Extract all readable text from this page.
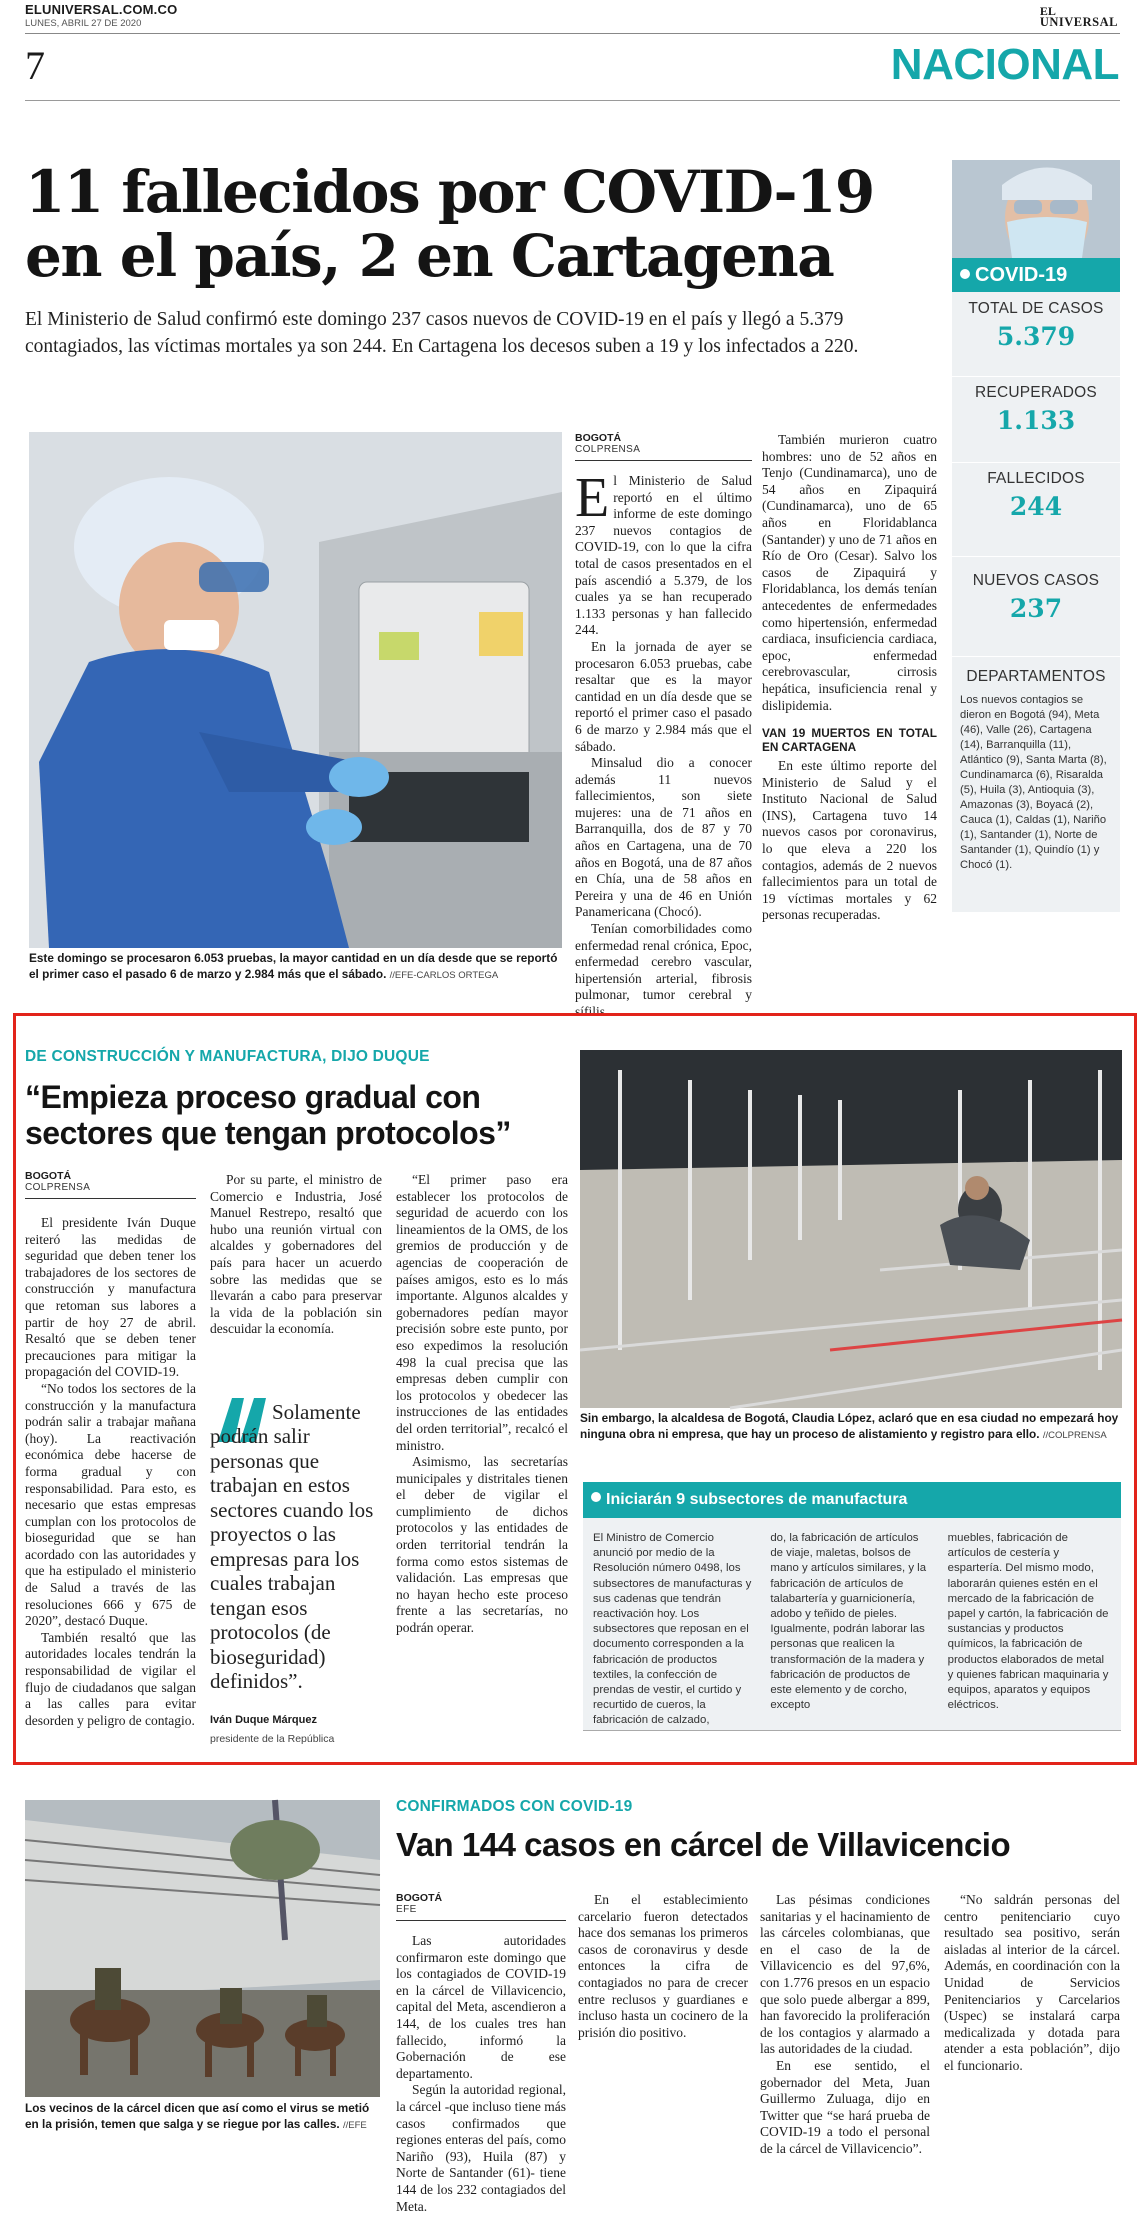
ELUNIVERSAL.COM.CO
LUNES, ABRIL 27 DE 2020
EL
UNIVERSAL
7	NACIONAL
11 fallecidos por COVID-19
en el país, 2 en Cartagena

El Ministerio de Salud confirmó este domingo 237 casos nuevos de COVID-19 en el país y llegó a 5.379 contagiados, las víctimas mortales ya son 244. En Cartagena los decesos suben a 19 y los infectados a 220.

Este domingo se procesaron 6.053 pruebas, la mayor cantidad en un día desde que se reportó el primer caso el pasado 6 de marzo y 2.984 más que el sábado. //EFE-CARLOS ORTEGA

BOGOTÁ
COLPRENSA

El Ministerio de Salud reportó en el último informe de este domingo 237 nuevos contagios de COVID-19, con lo que la cifra total de casos presentados en el país ascendió a 5.379, de los cuales ya se han recuperado 1.133 personas y han fallecido 244.

En la jornada de ayer se procesaron 6.053 pruebas, cabe resaltar que es la mayor cantidad en un día desde que se reportó el primer caso el pasado 6 de marzo y 2.984 más que el sábado.

Minsalud dio a conocer además 11 nuevos fallecimientos, son siete mujeres: una de 71 años en Barranquilla, dos de 87 y 70 años en Cartagena, una de 70 años en Bogotá, una de 87 años en Chía, una de 58 años en Pereira y una de 46 en Unión Panamericana (Chocó).

Tenían comorbilidades como enfermedad renal crónica, Epoc, enfermedad cerebro vascular, hipertensión arterial, fibrosis pulmonar, tumor cerebral y sífilis.

También murieron cuatro hombres: uno de 52 años en Tenjo (Cundinamarca), uno de 54 años en Zipaquirá (Cundinamarca), uno de 65 años en Floridablanca (Santander) y uno de 71 años en Río de Oro (Cesar). Salvo los casos de Zipaquirá y Floridablanca, los demás tenían antecedentes de enfermedades como hipertensión, enfermedad cardiaca, insuficiencia cardiaca, epoc, enfermedad cerebrovascular, cirrosis hepática, insuficiencia renal y dislipidemia.

VAN 19 MUERTOS EN TOTAL EN CARTAGENA

En este último reporte del Ministerio de Salud y el Instituto Nacional de Salud (INS), Cartagena tuvo 14 nuevos casos por coronavirus, lo que eleva a 220 los contagios, además de 2 nuevos fallecimientos para un total de 19 víctimas mortales y 62 personas recuperadas.

COVID-19
TOTAL DE CASOS
5.379
RECUPERADOS
1.133
FALLECIDOS
244
NUEVOS CASOS
237
DEPARTAMENTOS
Los nuevos contagios se dieron en Bogotá (94), Meta (46), Valle (26), Cartagena (14), Barranquilla (11), Atlántico (9), Santa Marta (8), Cundinamarca (6), Risaralda (5), Huila (3), Antioquia (3), Amazonas (3), Boyacá (2), Cauca (1), Caldas (1), Nariño (1), Santander (1), Norte de Santander (1), Quindío (1) y Chocó (1).
DE CONSTRUCCIÓN Y MANUFACTURA, DIJO DUQUE
“Empieza proceso gradual con
sectores que tengan protocolos”
BOGOTÁ
COLPRENSA

El presidente Iván Duque reiteró las medidas de seguridad que deben tener los trabajadores de los sectores de construcción y manufactura que retoman sus labores a partir de hoy 27 de abril. Resaltó que se deben tener precauciones para mitigar la propagación del COVID-19.

“No todos los sectores de la construcción y la manufactura podrán salir a trabajar mañana (hoy). La reactivación económica debe hacerse de forma gradual y con responsabilidad. Para esto, es necesario que estas empresas cumplan con los protocolos de bioseguridad que se han acordado con las autoridades y que ha estipulado el ministerio de Salud a través de las resoluciones 666 y 675 de 2020”, destacó Duque.

También resaltó que las autoridades locales tendrán la responsabilidad de vigilar el flujo de ciudadanos que salgan a las calles para evitar desorden y peligro de contagio.

Por su parte, el ministro de Comercio e Industria, José Manuel Restrepo, resaltó que hubo una reunión virtual con alcaldes y gobernadores del país para hacer un acuerdo sobre las medidas que se llevarán a cabo para preservar la vida de la población sin descuidar la economía.

Solamente podrán salir personas que trabajan en estos sectores cuando los proyectos o las empresas para los cuales trabajan tengan esos protocolos (de bioseguridad) definidos”.
Iván Duque Márquez
presidente de la República

“El primer paso era establecer los protocolos de seguridad de acuerdo con los lineamientos de la OMS, de los gremios de producción y de agencias de cooperación de países amigos, esto es lo más importante. Algunos alcaldes y gobernadores pedían mayor precisión sobre este punto, por eso expedimos la resolución 498 la cual precisa que las empresas deben cumplir con los protocolos y obedecer las instrucciones de las entidades del orden territorial”, recalcó el ministro.

Asimismo, las secretarías municipales y distritales tienen el deber de vigilar el cumplimiento de dichos protocolos y las entidades de orden territorial tendrán la forma como estos sistemas de validación. Las empresas que no hayan hecho este proceso frente a las secretarías, no podrán operar.

Sin embargo, la alcaldesa de Bogotá, Claudia López, aclaró que en esa ciudad no empezará hoy ninguna obra ni empresa, que hay un proceso de alistamiento y registro para ello. //COLPRENSA

Iniciarán 9 subsectores de manufactura
El Ministro de Comercio anunció por medio de la Resolución número 0498, los subsectores de manufacturas y sus cadenas que tendrán reactivación hoy. Los subsectores que reposan en el documento corresponden a la fabricación de productos textiles, la confección de prendas de vestir, el curtido y recurtido de cueros, la fabricación de calzado,
do, la fabricación de artículos de viaje, maletas, bolsos de mano y artículos similares, y la fabricación de artículos de talabartería y guarnicionería, adobo y teñido de pieles. Igualmente, podrán laborar las personas que realicen la transformación de la madera y fabricación de productos de este elemento y de corcho, excepto
muebles, fabricación de artículos de cestería y espartería. Del mismo modo, laborarán quienes estén en el mercado de la fabricación de papel y cartón, la fabricación de sustancias y productos químicos, la fabricación de productos elaborados de metal y quienes fabrican maquinaria y equipos, aparatos y equipos eléctricos.

Los vecinos de la cárcel dicen que así como el virus se metió en la prisión, temen que salga y se riegue por las calles. //EFE

CONFIRMADOS CON COVID-19
Van 144 casos en cárcel de Villavicencio
BOGOTÁ
EFE

Las autoridades confirmaron este domingo que los contagiados de COVID-19 en la cárcel de Villavicencio, capital del Meta, ascendieron a 144, de los cuales tres han fallecido, informó la Gobernación de ese departamento.

Según la autoridad regional, la cárcel -que incluso tiene más casos confirmados que regiones enteras del país, como Nariño (93), Huila (87) y Norte de Santander (61)- tiene 144 de los 232 contagiados del Meta.

En el establecimiento carcelario fueron detectados hace dos semanas los primeros casos de coronavirus y desde entonces la cifra de contagiados no para de crecer entre reclusos y guardianes e incluso hasta un cocinero de la prisión dio positivo.

Las pésimas condiciones sanitarias y el hacinamiento de las cárceles colombianas, que en el caso de la de Villavicencio es del 97,6%, con 1.776 presos en un espacio que solo puede albergar a 899, han favorecido la proliferación de los contagios y alarmado a las autoridades de la ciudad.

En ese sentido, el gobernador del Meta, Juan Guillermo Zuluaga, dijo en Twitter que “se hará prueba de COVID-19 a todo el personal de la cárcel de Villavicencio”.

“No saldrán personas del centro penitenciario cuyo resultado sea positivo, serán aisladas al interior de la cárcel. Además, en coordinación con la Unidad de Servicios Penitenciarios y Carcelarios (Uspec) se instalará carpa medicalizada y dotada para atender a esta población”, dijo el funcionario.
